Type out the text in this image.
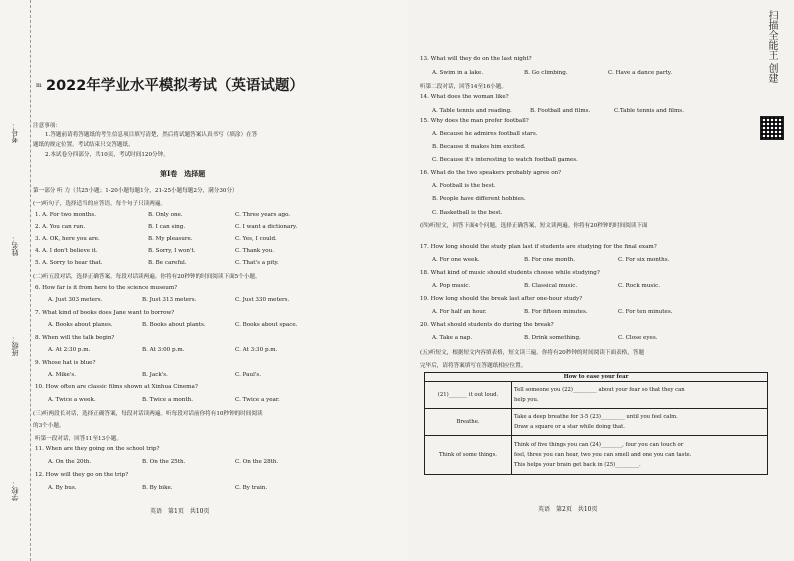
考号：
姓名：
班级：
学校：
m 2022年学业水平模拟考试（英语试题）
注意事项：
1.答题前请将答题纸的考生信息项目填写清楚，然后将试题答案认真书写（填涂）在答
题纸的规定位置。考试结束只交答题纸。
2.本试卷分四部分，共10页，考试时间120分钟。
第Ⅰ卷　选择题
第一部分 听 力（共25小题；1-20小题每题1分，21-25小题每题2分，满分30分）
(一)听句子，选择适当的应答语。每个句子只读两遍。
1. A. For two months.	B. Only one.	C. Three years ago.
2. A. You can run.	B. I can sing.	C. I want a dictionary.
3. A. OK, here you are.	B. My pleasure.	C. Yes, I could.
4. A. I don't believe it.	B. Sorry, I won't.	C. Thank you.
5. A. Sorry to hear that.	B. Be careful.	C. That's a pity.
(二)听五段对话，选择正确答案。每段对话读两遍。你将有20秒钟的时间阅读下面5个小题。
6. How far is it from here to the science museum?
A. Just 303 meters.	B. Just 313 meters.	C. Just 330 meters.
7. What kind of books does Jane want to borrow?
A. Books about planes.	B. Books about plants.	C. Books about space.
8. When will the talk begin?
A. At 2:30 p.m.	B. At 3:00 p.m.	C. At 3:30 p.m.
9. Whose hat is blue?
A. Mike's.	B. Jack's.	C. Paul's.
10. How often are classic films shown at Xinhua Cinema?
A. Twice a week.	B. Twice a month.	C. Twice a year.
(三)听两段长对话，选择正确答案，每段对话读两遍。听每段对话前你将有10秒钟的时间阅读
的3个小题。
听第一段对话，回答11至13小题。
11. When are they going on the school trip?
A. On the 20th.	B. On the 25th.	C. On the 28th.
12. How will they go on the trip?
A. By bus.	B. By bike.	C. By train.
英语　第1页　共10页
13. What will they do on the last night?
A. Swim in a lake.	B. Go climbing.	C. Have a dance party.
听第二段对话，回答14至16小题。
14. What does the woman like?
A. Table tennis and reading.	B. Football and films.	C.Table tennis and films.
15. Why does the man prefer football?
A. Because he admires football stars.
B. Because it makes him excited.
C. Because it's interesting to watch football games.
16. What do the two speakers probably agree on?
A. Football is the best.
B. People have different hobbies.
C. Basketball is the best.
(四)听短文，回答下面4个问题，选择正确答案，短文读两遍。你将有20秒钟的时间阅读下面
17. How long should the study plan last if students are studying for the final exam?
A. For one week.	B. For one month.	C. For six months.
18. What kind of music should students choose while studying?
A. Pop music.	B. Classical music.	C. Rock music.
19. How long should the break last after one-hour study?
A. For half an hour.	B. For fifteen minutes.	C. For ten minutes.
20. What should students do during the break?
A. Take a nap.	B. Drink something.	C. Close eyes.
(五)听短文，根据短文内容填表格，短文读三遍。你将有20秒钟的时间阅读下面表格，答题
完毕后，请将答案填写在答题纸相应位置。
How to ease your fear	
(21)_______ it out loud.	Tell someone you (22)_________ about your fear so that they can
help you.

Breathe.	Take a deep breathe for 3-5 (23)_________ until you feel calm.
Draw a square or a star while doing that.

Think of some things.	Think of five things you can (24)________, four you can touch or
feel, three you can hear, two you can smell and one you can taste.
This helps your brain get back in (25)_________.
英语　第2页　共10页
扫描全能王 创建
